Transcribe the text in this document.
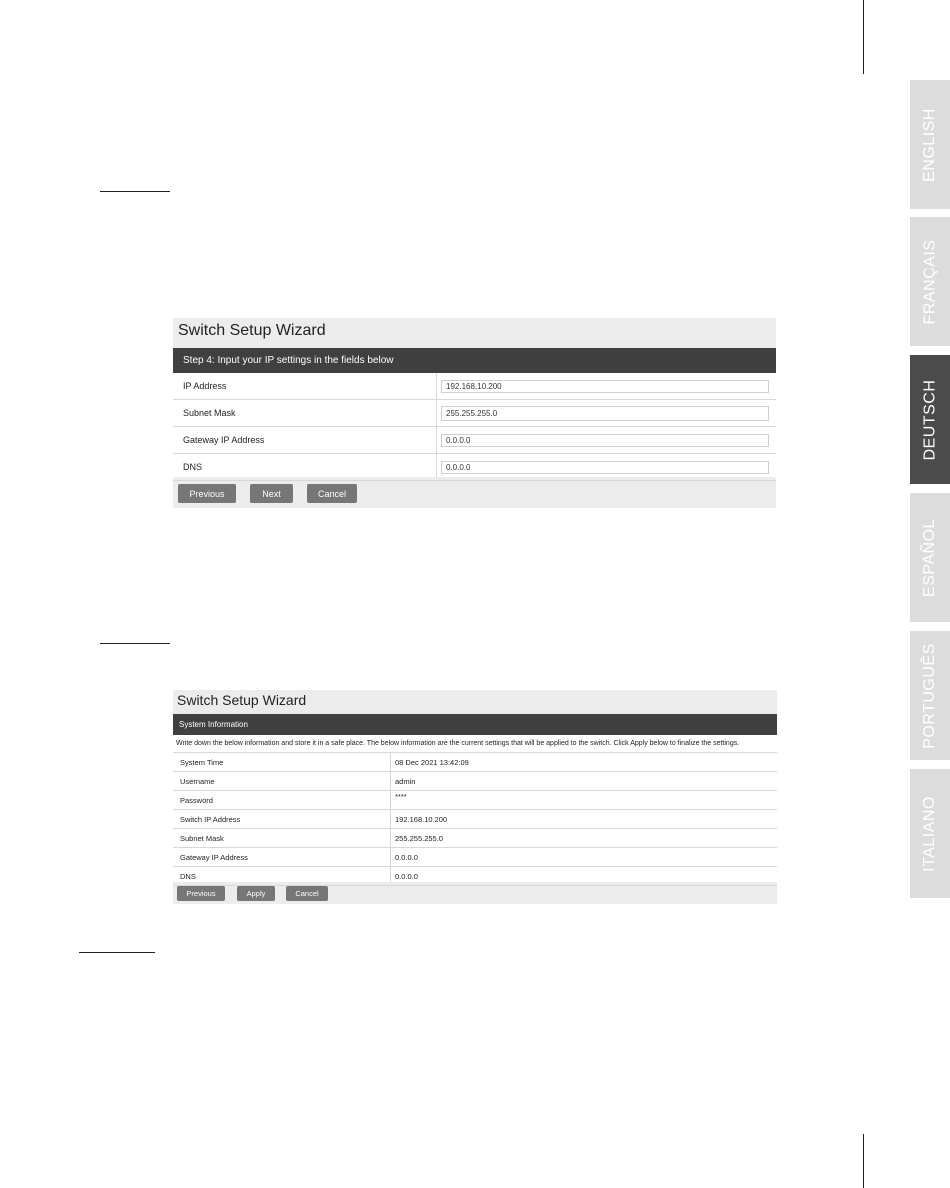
ENGLISH
FRANÇAIS
DEUTSCH
ESPAÑOL
PORTUGUÊS
ITALIANO
Switch Setup Wizard
Step 4: Input your IP settings in the fields below
IP Address	192.168.10.200
Subnet Mask	255.255.255.0
Gateway IP Address	0.0.0.0
DNS	0.0.0.0
Previous	Next	Cancel
Switch Setup Wizard
System Information
Write down the below information and store it in a safe place. The below information are the current settings that will be applied to the switch. Click Apply below to finalize the settings.
System Time	08 Dec 2021 13:42:09
Username	admin
Password	****
Switch IP Address	192.168.10.200
Subnet Mask	255.255.255.0
Gateway IP Address	0.0.0.0
DNS	0.0.0.0
Previous	Apply	Cancel
